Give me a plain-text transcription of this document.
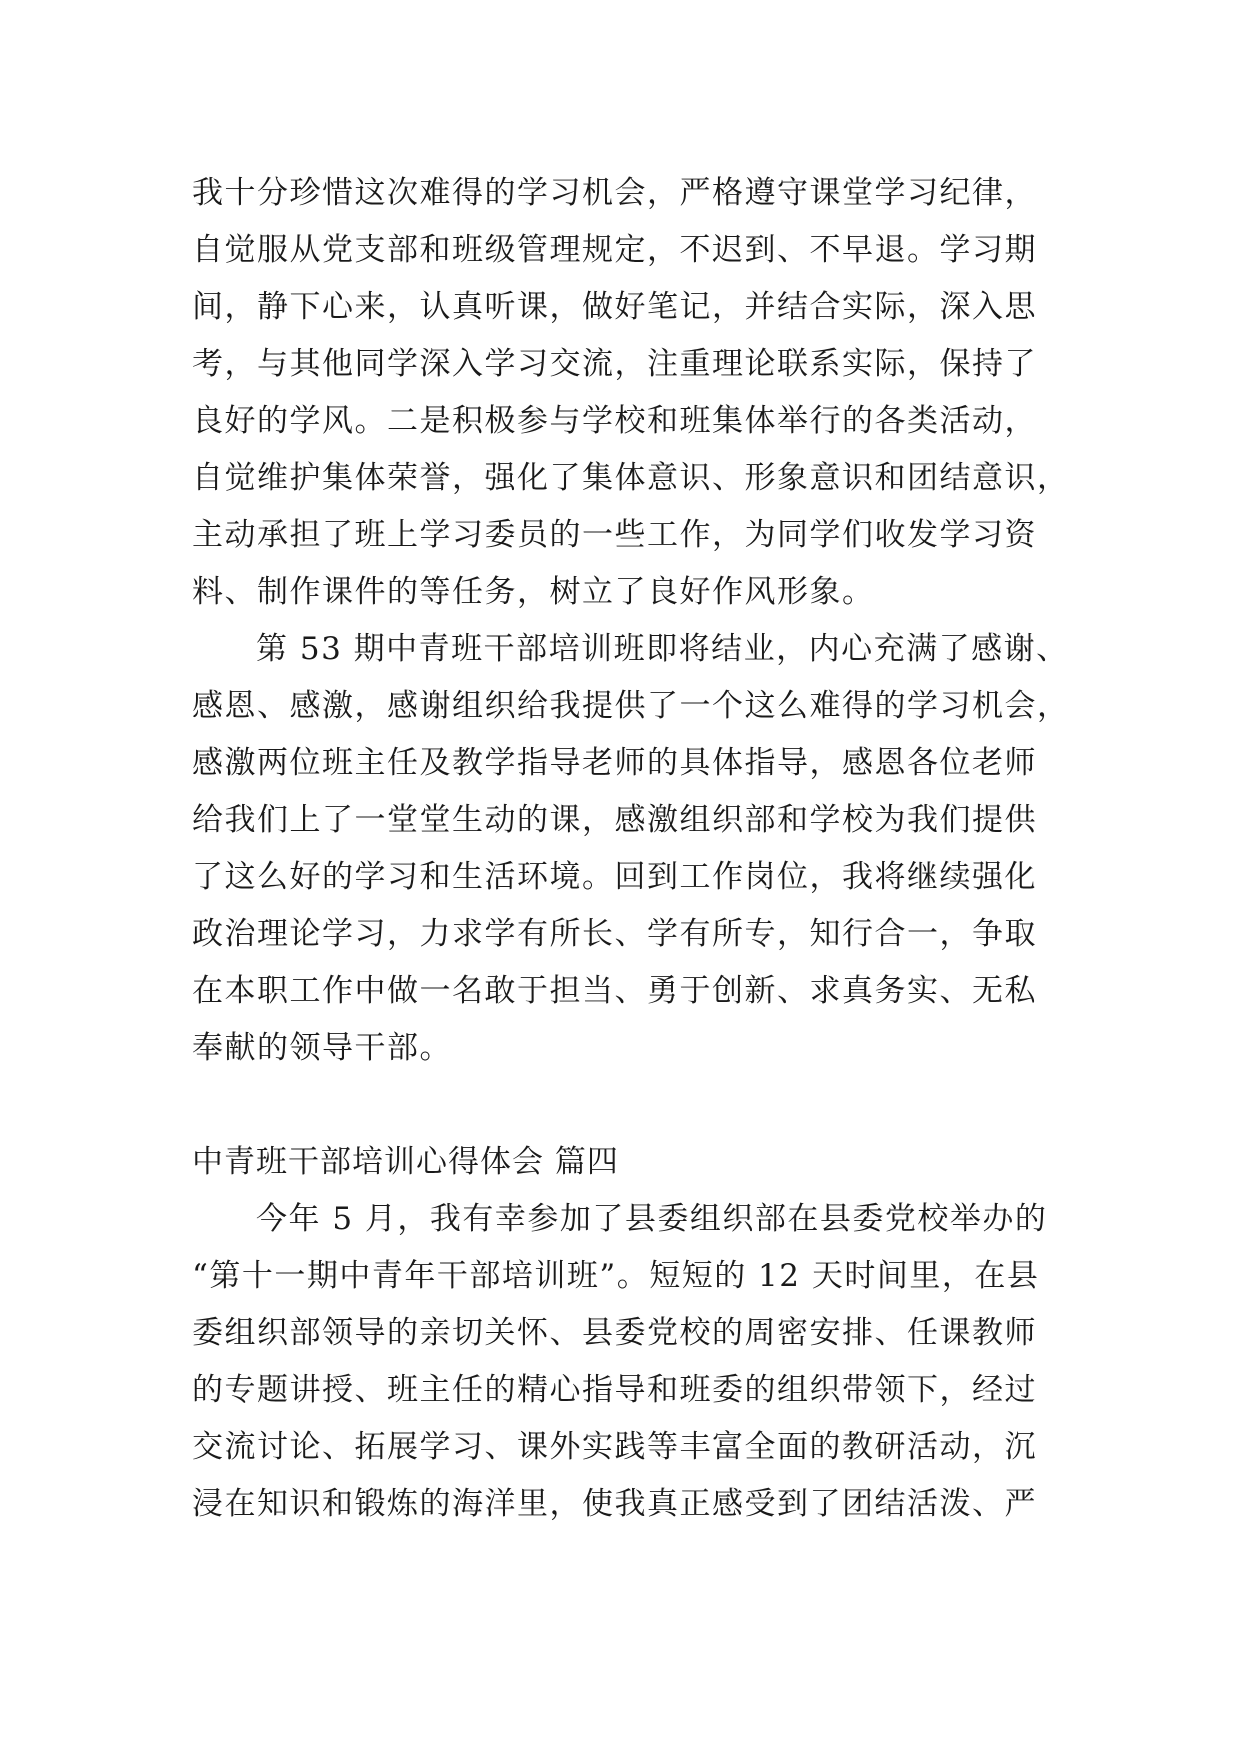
我十分珍惜这次难得的学习机会，严格遵守课堂学习纪律，
自觉服从党支部和班级管理规定，不迟到、不早退。学习期
间，静下心来，认真听课，做好笔记，并结合实际，深入思
考，与其他同学深入学习交流，注重理论联系实际，保持了
良好的学风。二是积极参与学校和班集体举行的各类活动，
自觉维护集体荣誉，强化了集体意识、形象意识和团结意识，
主动承担了班上学习委员的一些工作，为同学们收发学习资
料、制作课件的等任务，树立了良好作风形象。
第 53 期中青班干部培训班即将结业，内心充满了感谢、
感恩、感激，感谢组织给我提供了一个这么难得的学习机会，
感激两位班主任及教学指导老师的具体指导，感恩各位老师
给我们上了一堂堂生动的课，感激组织部和学校为我们提供
了这么好的学习和生活环境。回到工作岗位，我将继续强化
政治理论学习，力求学有所长、学有所专，知行合一，争取
在本职工作中做一名敢于担当、勇于创新、求真务实、无私
奉献的领导干部。
中青班干部培训心得体会 篇四
今年 5 月，我有幸参加了县委组织部在县委党校举办的
“第十一期中青年干部培训班”。短短的 12 天时间里，在县
委组织部领导的亲切关怀、县委党校的周密安排、任课教师
的专题讲授、班主任的精心指导和班委的组织带领下，经过
交流讨论、拓展学习、课外实践等丰富全面的教研活动，沉
浸在知识和锻炼的海洋里，使我真正感受到了团结活泼、严
